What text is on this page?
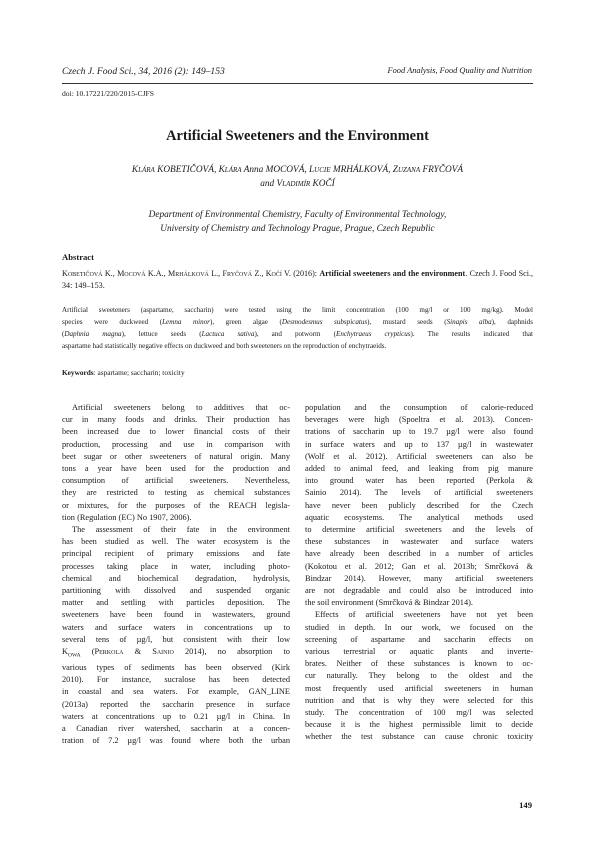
Czech J. Food Sci., 34, 2016 (2): 149–153	Food Analysis, Food Quality and Nutrition
doi: 10.17221/220/2015-CJFS
Artificial Sweeteners and the Environment
Klára KOBETIČOVÁ, Klára Anna MOCOVÁ, Lucie MRHÁLKOVÁ, Zuzana FRYČOVÁ
and Vladimír KOČÍ
Department of Environmental Chemistry, Faculty of Environmental Technology,
University of Chemistry and Technology Prague, Prague, Czech Republic
Abstract
Kobetičová K., Mocová K.A., Mrhálková L., Fryčová Z., Kočí V. (2016): Artificial sweeteners and the environment. Czech J. Food Sci., 34: 149–153.
Artificial sweeteners (aspartame, saccharin) were tested using the limit concentration (100 mg/l or 100 mg/kg). Model
species were duckweed (Lemna minor), green algae (Desmodesmus subspicatus), mustard seeds (Sinapis alba), daphnids
(Daphnia magna), lettuce seeds (Lactuca sativa), and potworm (Enchytraeus crypticus). The results indicated that
aspartame had statistically negative effects on duckweed and both sweeteners on the reproduction of enchytraeids.
Keywords: aspartame; saccharin; toxicity
Artificial sweeteners belong to additives that oc-
cur in many foods and drinks. Their production has
been increased due to lower financial costs of their
production, processing and use in comparison with
beet sugar or other sweeteners of natural origin. Many
tons a year have been used for the production and
consumption of artificial sweeteners. Nevertheless,
they are restricted to testing as chemical substances
or mixtures, for the purposes of the REACH legisla-
tion (Regulation (EC) No 1907, 2006).
The assessment of their fate in the environment
has been studied as well. The water ecosystem is the
principal recipient of primary emissions and fate
processes taking place in water, including photo-
chemical and biochemical degradation, hydrolysis,
partitioning with dissolved and suspended organic
matter and settling with particles deposition. The
sweeteners have been found in wastewaters, ground
waters and surface waters in concentrations up to
several tens of µg/l, but consistent with their low
$K_{OWA}$ (Perkola & Sainio 2014), no absorption to
various types of sediments has been observed (Kirk
2010). For instance, sucralose has been detected
in coastal and sea waters. For example, GAN_LINE
(2013a) reported the saccharin presence in surface
waters at concentrations up to 0.21 µg/l in China. In
a Canadian river watershed, saccharin at a concen-
tration of 7.2 µg/l was found where both the urban
population and the consumption of calorie-reduced
beverages were high (Spoeltra et al. 2013). Concen-
trations of saccharin up to 19.7 µg/l were also found
in surface waters and up to 137 µg/l in wastewater
(Wolf et al. 2012). Artificial sweeteners can also be
added to animal feed, and leaking from pig manure
into ground water has been reported (Perkola &
Sainio 2014). The levels of artificial sweeteners
have never been publicly described for the Czech
aquatic ecosystems. The analytical methods used
to determine artificial sweeteners and the levels of
these substances in wastewater and surface waters
have already been described in a number of articles
(Kokotou et al. 2012; Gan et al. 2013b; Smrčková &
Bindzar 2014). However, many artificial sweeteners
are not degradable and could also be introduced into
the soil environment (Smrčková & Bindzar 2014).
Effects of artificial sweeteners have not yet been
studied in depth. In our work, we focused on the
screening of aspartame and saccharin effects on
various terrestrial or aquatic plants and inverte-
brates. Neither of these substances is known to oc-
cur naturally. They belong to the oldest and the
most frequently used artificial sweeteners in human
nutrition and that is why they were selected for this
study. The concentration of 100 mg/l was selected
because it is the highest permissible limit to decide
whether the test substance can cause chronic toxicity
149
